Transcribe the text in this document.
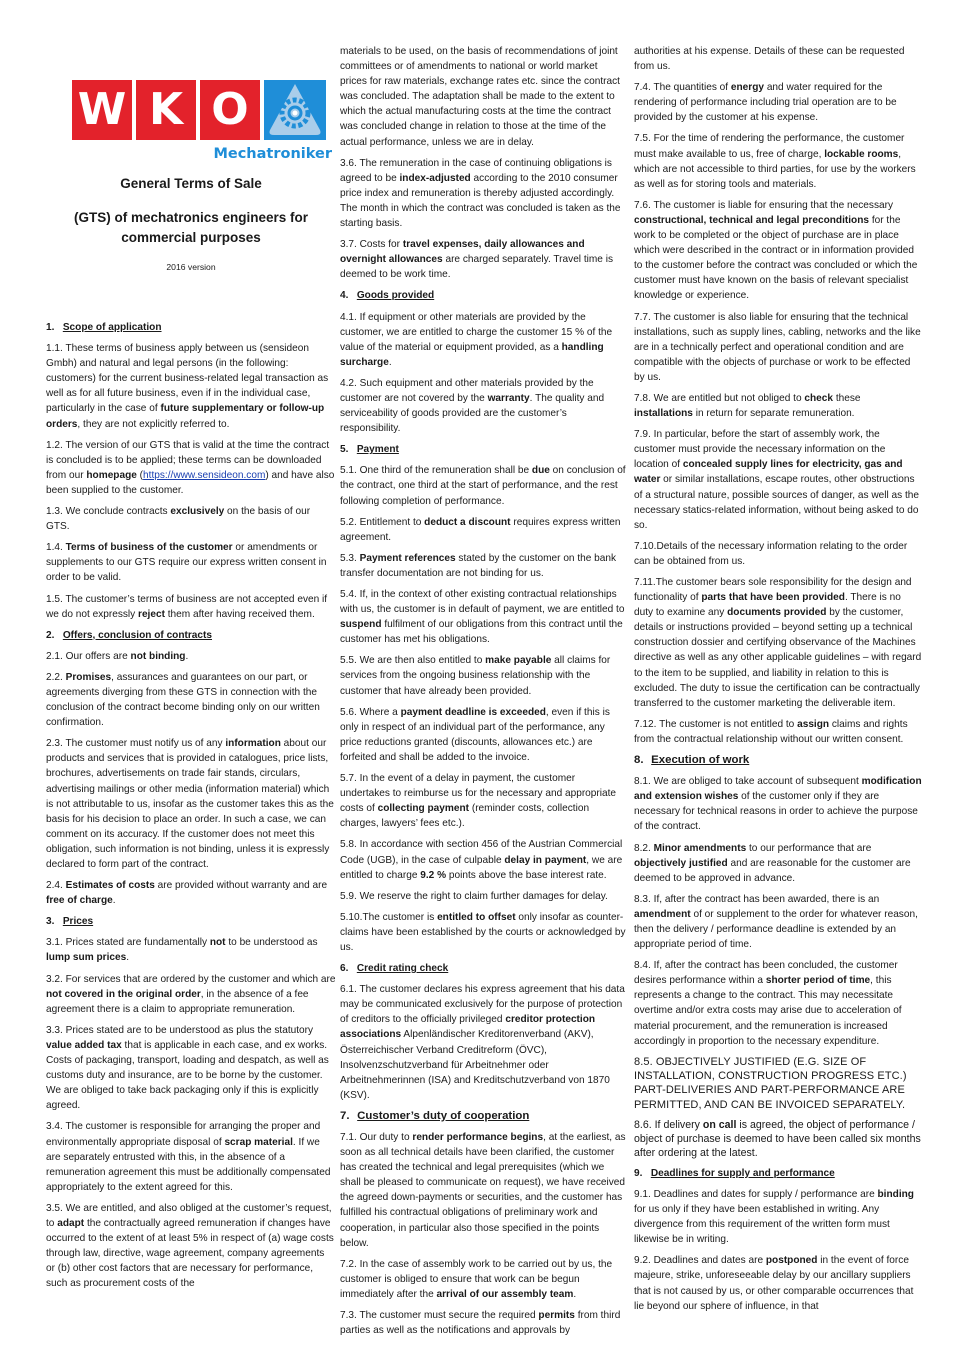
W K O
Mechatroniker
General Terms of Sale
(GTS) of mechatronics engineers for commercial purposes
2016 version
1. Scope of application

1.1. These terms of business apply between us (sensideon Gmbh) and natural and legal persons (in the following: customers) for the current business-related legal transaction as well as for all future business, even if in the individual case, particularly in the case of future supplementary or follow-up orders, they are not explicitly referred to.

1.2. The version of our GTS that is valid at the time the contract is concluded is to be applied; these terms can be downloaded from our homepage (https://www.sensideon.com) and have also been supplied to the customer.

1.3. We conclude contracts exclusively on the basis of our GTS.

1.4. Terms of business of the customer or amendments or supplements to our GTS require our express written consent in order to be valid.

1.5. The customer’s terms of business are not accepted even if we do not expressly reject them after having received them.

2. Offers, conclusion of contracts

2.1. Our offers are not binding.

2.2. Promises, assurances and guarantees on our part, or agreements diverging from these GTS in connection with the conclusion of the contract become binding only on our written confirmation.

2.3. The customer must notify us of any information about our products and services that is provided in catalogues, price lists, brochures, advertisements on trade fair stands, circulars, advertising mailings or other media (information material) which is not attributable to us, insofar as the customer takes this as the basis for his decision to place an order. In such a case, we can comment on its accuracy. If the customer does not meet this obligation, such information is not binding, unless it is expressly declared to form part of the contract.

2.4. Estimates of costs are provided without warranty and are free of charge.

3. Prices

3.1. Prices stated are fundamentally not to be understood as lump sum prices.

3.2. For services that are ordered by the customer and which are not covered in the original order, in the absence of a fee agreement there is a claim to appropriate remuneration.

3.3. Prices stated are to be understood as plus the statutory value added tax that is applicable in each case, and ex works. Costs of packaging, transport, loading and despatch, as well as customs duty and insurance, are to be borne by the customer. We are obliged to take back packaging only if this is explicitly agreed.

3.4. The customer is responsible for arranging the proper and environmentally appropriate disposal of scrap material. If we are separately entrusted with this, in the absence of a remuneration agreement this must be additionally compensated appropriately to the extent agreed for this.

3.5. We are entitled, and also obliged at the customer’s request, to adapt the contractually agreed remuneration if changes have occurred to the extent of at least 5% in respect of (a) wage costs through law, directive, wage agreement, company agreements or (b) other cost factors that are necessary for performance, such as procurement costs of the

materials to be used, on the basis of recommendations of joint committees or of amendments to national or world market prices for raw materials, exchange rates etc. since the contract was concluded. The adaptation shall be made to the extent to which the actual manufacturing costs at the time the contract was concluded change in relation to those at the time of the actual performance, unless we are in delay.

3.6. The remuneration in the case of continuing obligations is agreed to be index-adjusted according to the 2010 consumer price index and remuneration is thereby adjusted accordingly. The month in which the contract was concluded is taken as the starting basis.

3.7. Costs for travel expenses, daily allowances and overnight allowances are charged separately. Travel time is deemed to be work time.

4. Goods provided

4.1. If equipment or other materials are provided by the customer, we are entitled to charge the customer 15 % of the value of the material or equipment provided, as a handling surcharge.

4.2. Such equipment and other materials provided by the customer are not covered by the warranty. The quality and serviceability of goods provided are the customer’s responsibility.

5. Payment

5.1. One third of the remuneration shall be due on conclusion of the contract, one third at the start of performance, and the rest following completion of performance.

5.2. Entitlement to deduct a discount requires express written agreement.

5.3. Payment references stated by the customer on the bank transfer documentation are not binding for us.

5.4. If, in the context of other existing contractual relationships with us, the customer is in default of payment, we are entitled to suspend fulfilment of our obligations from this contract until the customer has met his obligations.

5.5. We are then also entitled to make payable all claims for services from the ongoing business relationship with the customer that have already been provided.

5.6. Where a payment deadline is exceeded, even if this is only in respect of an individual part of the performance, any price reductions granted (discounts, allowances etc.) are forfeited and shall be added to the invoice.

5.7. In the event of a delay in payment, the customer undertakes to reimburse us for the necessary and appropriate costs of collecting payment (reminder costs, collection charges, lawyers’ fees etc.).

5.8. In accordance with section 456 of the Austrian Commercial Code (UGB), in the case of culpable delay in payment, we are entitled to charge 9.2 % points above the base interest rate.

5.9. We reserve the right to claim further damages for delay.

5.10.The customer is entitled to offset only insofar as counter-claims have been established by the courts or acknowledged by us.

6. Credit rating check

6.1. The customer declares his express agreement that his data may be communicated exclusively for the purpose of protection of creditors to the officially privileged creditor protection associations Alpenländischer Kreditorenverband (AKV), Österreichischer Verband Creditreform (ÖVC), Insolvenzschutzverband für Arbeitnehmer oder Arbeitnehmerinnen (ISA) and Kreditschutzverband von 1870 (KSV).

7. Customer’s duty of cooperation

7.1. Our duty to render performance begins, at the earliest, as soon as all technical details have been clarified, the customer has created the technical and legal prerequisites (which we shall be pleased to communicate on request), we have received the agreed down-payments or securities, and the customer has fulfilled his contractual obligations of preliminary work and cooperation, in particular also those specified in the points below.

7.2. In the case of assembly work to be carried out by us, the customer is obliged to ensure that work can be begun immediately after the arrival of our assembly team.

7.3. The customer must secure the required permits from third parties as well as the notifications and approvals by

authorities at his expense. Details of these can be requested from us.

7.4. The quantities of energy and water required for the rendering of performance including trial operation are to be provided by the customer at his expense.

7.5. For the time of rendering the performance, the customer must make available to us, free of charge, lockable rooms, which are not accessible to third parties, for use by the workers as well as for storing tools and materials.

7.6. The customer is liable for ensuring that the necessary constructional, technical and legal preconditions for the work to be completed or the object of purchase are in place which were described in the contract or in information provided to the customer before the contract was concluded or which the customer must have known on the basis of relevant specialist knowledge or experience.

7.7. The customer is also liable for ensuring that the technical installations, such as supply lines, cabling, networks and the like are in a technically perfect and operational condition and are compatible with the objects of purchase or work to be effected by us.

7.8. We are entitled but not obliged to check these installations in return for separate remuneration.

7.9. In particular, before the start of assembly work, the customer must provide the necessary information on the location of concealed supply lines for electricity, gas and water or similar installations, escape routes, other obstructions of a structural nature, possible sources of danger, as well as the necessary statics-related information, without being asked to do so.

7.10.Details of the necessary information relating to the order can be obtained from us.

7.11.The customer bears sole responsibility for the design and functionality of parts that have been provided. There is no duty to examine any documents provided by the customer, details or instructions provided – beyond setting up a technical construction dossier and certifying observance of the Machines directive as well as any other applicable guidelines – with regard to the item to be supplied, and liability in relation to this is excluded. The duty to issue the certification can be contractually transferred to the customer marketing the deliverable item.

7.12. The customer is not entitled to assign claims and rights from the contractual relationship without our written consent.

8. Execution of work

8.1. We are obliged to take account of subsequent modification and extension wishes of the customer only if they are necessary for technical reasons in order to achieve the purpose of the contract.

8.2. Minor amendments to our performance that are objectively justified and are reasonable for the customer are deemed to be approved in advance.

8.3. If, after the contract has been awarded, there is an amendment of or supplement to the order for whatever reason, then the delivery / performance deadline is extended by an appropriate period of time.

8.4. If, after the contract has been concluded, the customer desires performance within a shorter period of time, this represents a change to the contract. This may necessitate overtime and/or extra costs may arise due to acceleration of material procurement, and the remuneration is increased accordingly in proportion to the necessary expenditure.

8.5. OBJECTIVELY JUSTIFIED (E.G. SIZE OF INSTALLATION, CONSTRUCTION PROGRESS ETC.) PART-DELIVERIES AND PART-PERFORMANCE ARE PERMITTED, AND CAN BE INVOICED SEPARATELY.

8.6. If delivery on call is agreed, the object of performance / object of purchase is deemed to have been called six months after ordering at the latest.

9. Deadlines for supply and performance

9.1. Deadlines and dates for supply / performance are binding for us only if they have been established in writing. Any divergence from this requirement of the written form must likewise be in writing.

9.2. Deadlines and dates are postponed in the event of force majeure, strike, unforeseeable delay by our ancillary suppliers that is not caused by us, or other comparable occurrences that lie beyond our sphere of influence, in that
